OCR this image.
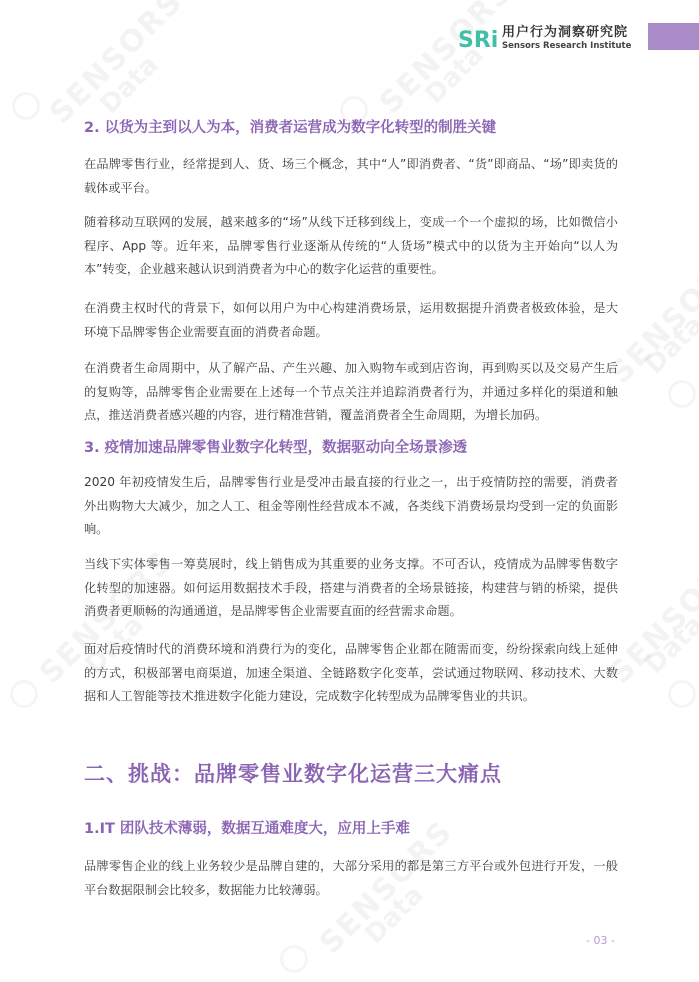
SRi 用户行为洞察研究院
Sensors Research Institute
2. 以货为主到以人为本，消费者运营成为数字化转型的制胜关键

在品牌零售行业，经常提到人、货、场三个概念，其中“人”即消费者、“货”即商品、“场”即卖货的载体或平台。

随着移动互联网的发展，越来越多的“场”从线下迁移到线上，变成一个一个虚拟的场，比如微信小程序、App 等。近年来，品牌零售行业逐渐从传统的“人货场”模式中的以货为主开始向“以人为本”转变，企业越来越认识到消费者为中心的数字化运营的重要性。

在消费主权时代的背景下，如何以用户为中心构建消费场景，运用数据提升消费者极致体验，是大环境下品牌零售企业需要直面的消费者命题。

在消费者生命周期中，从了解产品、产生兴趣、加入购物车或到店咨询，再到购买以及交易产生后的复购等，品牌零售企业需要在上述每一个节点关注并追踪消费者行为，并通过多样化的渠道和触点，推送消费者感兴趣的内容，进行精准营销，覆盖消费者全生命周期，为增长加码。

3. 疫情加速品牌零售业数字化转型，数据驱动向全场景渗透

2020 年初疫情发生后，品牌零售行业是受冲击最直接的行业之一，出于疫情防控的需要，消费者外出购物大大减少，加之人工、租金等刚性经营成本不减，各类线下消费场景均受到一定的负面影响。

当线下实体零售一筹莫展时，线上销售成为其重要的业务支撑。不可否认，疫情成为品牌零售数字化转型的加速器。如何运用数据技术手段，搭建与消费者的全场景链接，构建营与销的桥梁，提供消费者更顺畅的沟通通道，是品牌零售企业需要直面的经营需求命题。

面对后疫情时代的消费环境和消费行为的变化，品牌零售企业都在随需而变，纷纷探索向线上延伸的方式，积极部署电商渠道，加速全渠道、全链路数字化变革，尝试通过物联网、移动技术、大数据和人工智能等技术推进数字化能力建设，完成数字化转型成为品牌零售业的共识。

二、挑战：品牌零售业数字化运营三大痛点
1.IT 团队技术薄弱，数据互通难度大，应用上手难

品牌零售企业的线上业务较少是品牌自建的，大部分采用的都是第三方平台或外包进行开发，一般平台数据限制会比较多，数据能力比较薄弱。

- 03 -
